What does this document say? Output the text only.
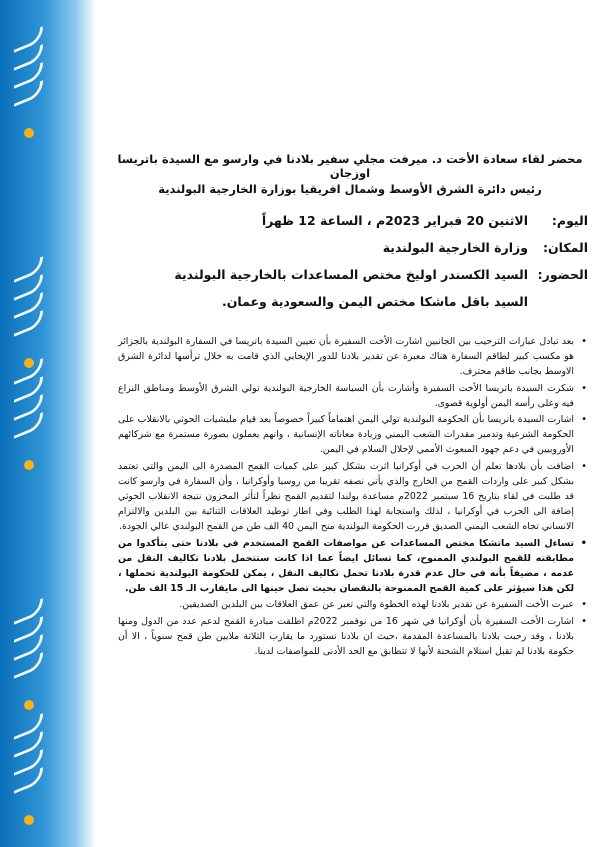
محضر لقاء سعادة الأخت د. ميرفت مجلي سفير بلادنا في وارسو مع السيدة باتريسا اوزجان
رئيس دائرة الشرق الأوسط وشمال افريقيا بوزارة الخارجية البولندية
اليوم:
الاثنين 20 فبراير 2023م ، الساعة 12 ظهراً
المكان:
وزارة الخارجية البولندية
الحضور:
السيد الكسندر اوليخ مختص المساعدات بالخارجية البولندية
السيد باقل ماشكا مختص اليمن والسعودية وعمان.
• بعد تبادل عبارات الترحيب بين الجانبين اشارت الأخت السفيرة بأن تعيين السيدة باتريسا في السفارة البولندية بالجزائر هو مكسب كبير لطاقم السفارة هناك معبرة عن تقدير بلادنا للدور الإيجابي الذي قامت به خلال ترأسها لدائرة الشرق الاوسط بجانب طاقم محترف.
• شكرت السيدة باتريسا الأخت السفيرة وأشارت بأن السياسة الخارجية البولندية تولي الشرق الأوسط ومناطق النزاع فيه وعلى رأسه اليمن أولوية قصوى.
• اشارت السيدة باتريسا بأن الحكومة البولندية تولي اليمن اهتماماً كبيراً خصوصاً بعد قيام مليشيات الحوثي بالانقلاب على الحكومة الشرعية وتدمير مقدرات الشعب اليمني وزيادة معاناته الإنسانية ، وانهم يعملون بصورة مستمرة مع شركائهم الأوروبيين في دعم جهود المبعوث الأممي لإحلال السلام في اليمن.
• اضافت بأن بلادها تعلم أن الحرب في أوكرانيا اثرت بشكل كبير على كميات القمح المصدرة الى اليمن والتي تعتمد بشكل كبير على واردات القمح من الخارج والذي يأتي نصفه تقريبا من روسيا وأوكرانيا ، وأن السفارة في وارسو كانت قد طلبت في لقاء بتاريخ 16 سبتمبر 2022م مساعدة بولندا لتقديم القمح نظراً لتأثر المخزون نتيجة الانقلاب الحوثي إضافة الى الحرب في أوكرانيا ، لذلك واستجابة لهذا الطلب وفي اطار توطيد العلاقات الثنائية بين البلدين والالتزام الانساني تجاه الشعب اليمني الصديق قررت الحكومة البولندية منح اليمن 40 الف طن من القمح البولندي عالي الجودة.
• تساءل السيد ماتشكا مختص المساعدات عن مواصفات القمح المستخدم في بلادنا حتى يتأكدوا من مطابقته للقمح البولندي الممنوح، كما تسائل ايضاً عما اذا كانت ستتحمل بلادنا تكاليف النقل من عدمه ، مضيفاً بأنه في حال عدم قدرة بلادنا تحمل تكاليف النقل ، يمكن للحكومة البولندية تحملها ، لكن هذا سيؤثر على كمية القمح الممنوحة بالنقصان بحيث تصل حينها الى مايقارب الـ 15 الف طن.
• عبرت الأخت السفيرة عن تقدير بلادنا لهذه الخطوة والتي تعبر عن عمق العلاقات بين البلدين الصديقين.
• اشارت الأخت السفيرة بأن أوكرانيا في شهر 16 من نوفمبر 2022م اطلقت مبادرة القمح لدعم عدد من الدول ومنها بلادنا ، وقد رحبت بلادنا بالمساعدة المقدمة ،حيث ان بلادنا تستورد ما يقارب الثلاثة ملايين طن قمح سنوياً ، الا أن حكومة بلادنا لم تقبل استلام الشحنة لأنها لا تتطابق مع الحد الأدنى للمواصفات لدينا.
